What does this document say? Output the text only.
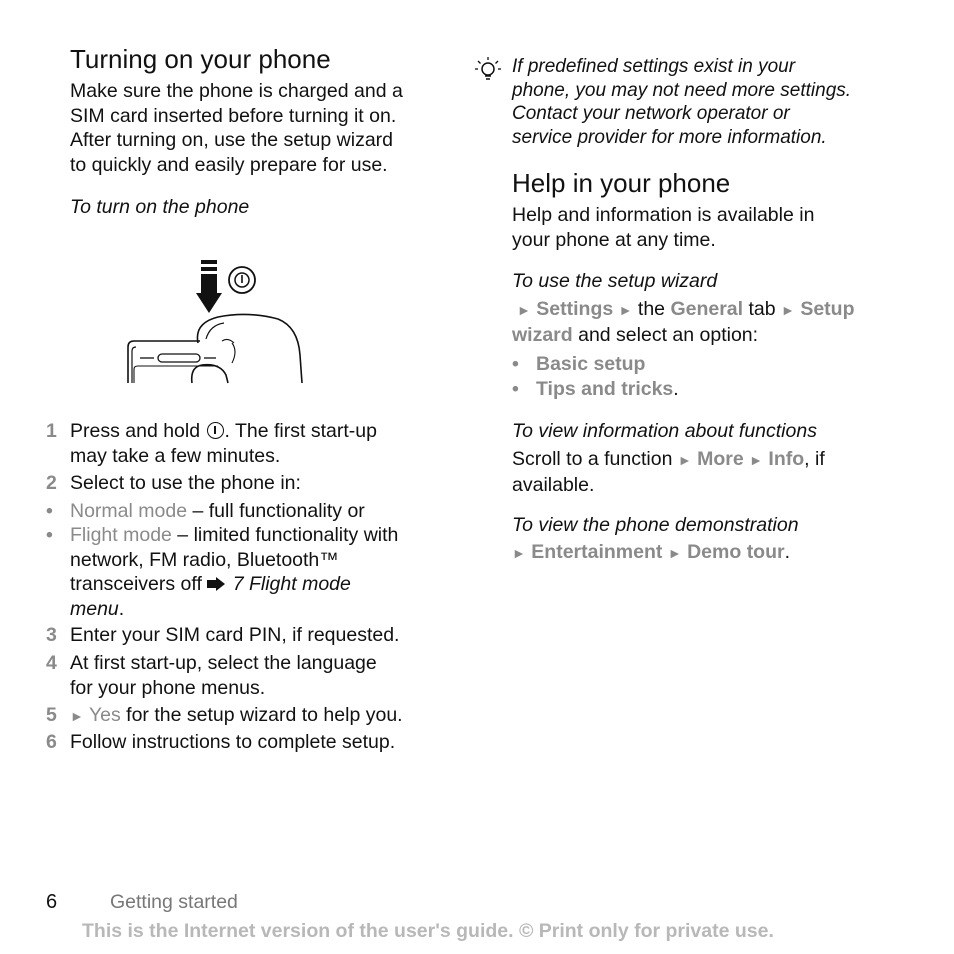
Turning on your phone
Make sure the phone is charged and a
SIM card inserted before turning it on.
After turning on, use the setup wizard
to quickly and easily prepare for use.
To turn on the phone
1 Press and hold . The first start-up
may take a few minutes.
2 Select to use the phone in:
• Normal mode – full functionality or
• Flight mode – limited functionality with
network, FM radio, Bluetooth™
transceivers off 7 Flight mode
menu.
3 Enter your SIM card PIN, if requested.
4 At first start-up, select the language
for your phone menus.
5 ► Yes for the setup wizard to help you.
6 Follow instructions to complete setup.
If predefined settings exist in your
phone, you may not need more settings.
Contact your network operator or
service provider for more information.
Help in your phone
Help and information is available in
your phone at any time.
To use the setup wizard
► Settings ► the General tab ► Setup
wizard and select an option:
• Basic setup
• Tips and tricks.
To view information about functions
Scroll to a function ► More ► Info, if
available.
To view the phone demonstration
► Entertainment ► Demo tour.
6	Getting started
This is the Internet version of the user's guide. © Print only for private use.
